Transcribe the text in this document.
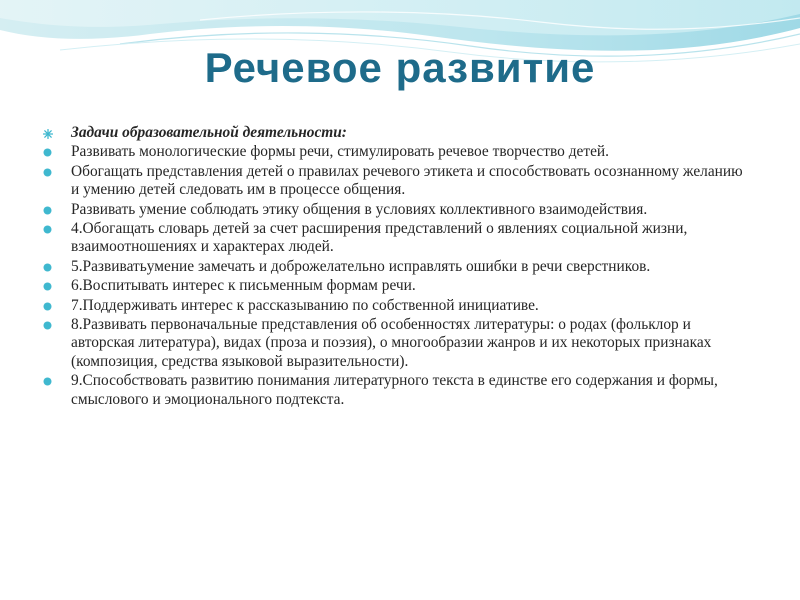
Речевое развитие
Задачи образовательной деятельности:
Развивать монологические формы речи, стимулировать речевое творчество детей.
Обогащать представления детей о правилах речевого этикета и способствовать осознанному желанию и умению детей следовать им в процессе общения.
Развивать умение соблюдать этику общения в условиях коллективного взаимодействия.
4.Обогащать словарь детей за счет расширения представлений о явлениях социальной жизни, взаимоотношениях и характерах людей.
5.Развиватьумение замечать и доброжелательно исправлять ошибки в речи сверстников.
6.Воспитывать интерес к письменным формам речи.
7.Поддерживать интерес к рассказыванию по собственной инициативе.
8.Развивать первоначальные представления об особенностях литературы: о родах (фольклор и авторская литература), видах (проза и поэзия), о многообразии жанров и их некоторых признаках (композиция, средства языковой выразительности).
9.Способствовать развитию понимания литературного текста в единстве его содержания и формы, смыслового и эмоционального подтекста.
